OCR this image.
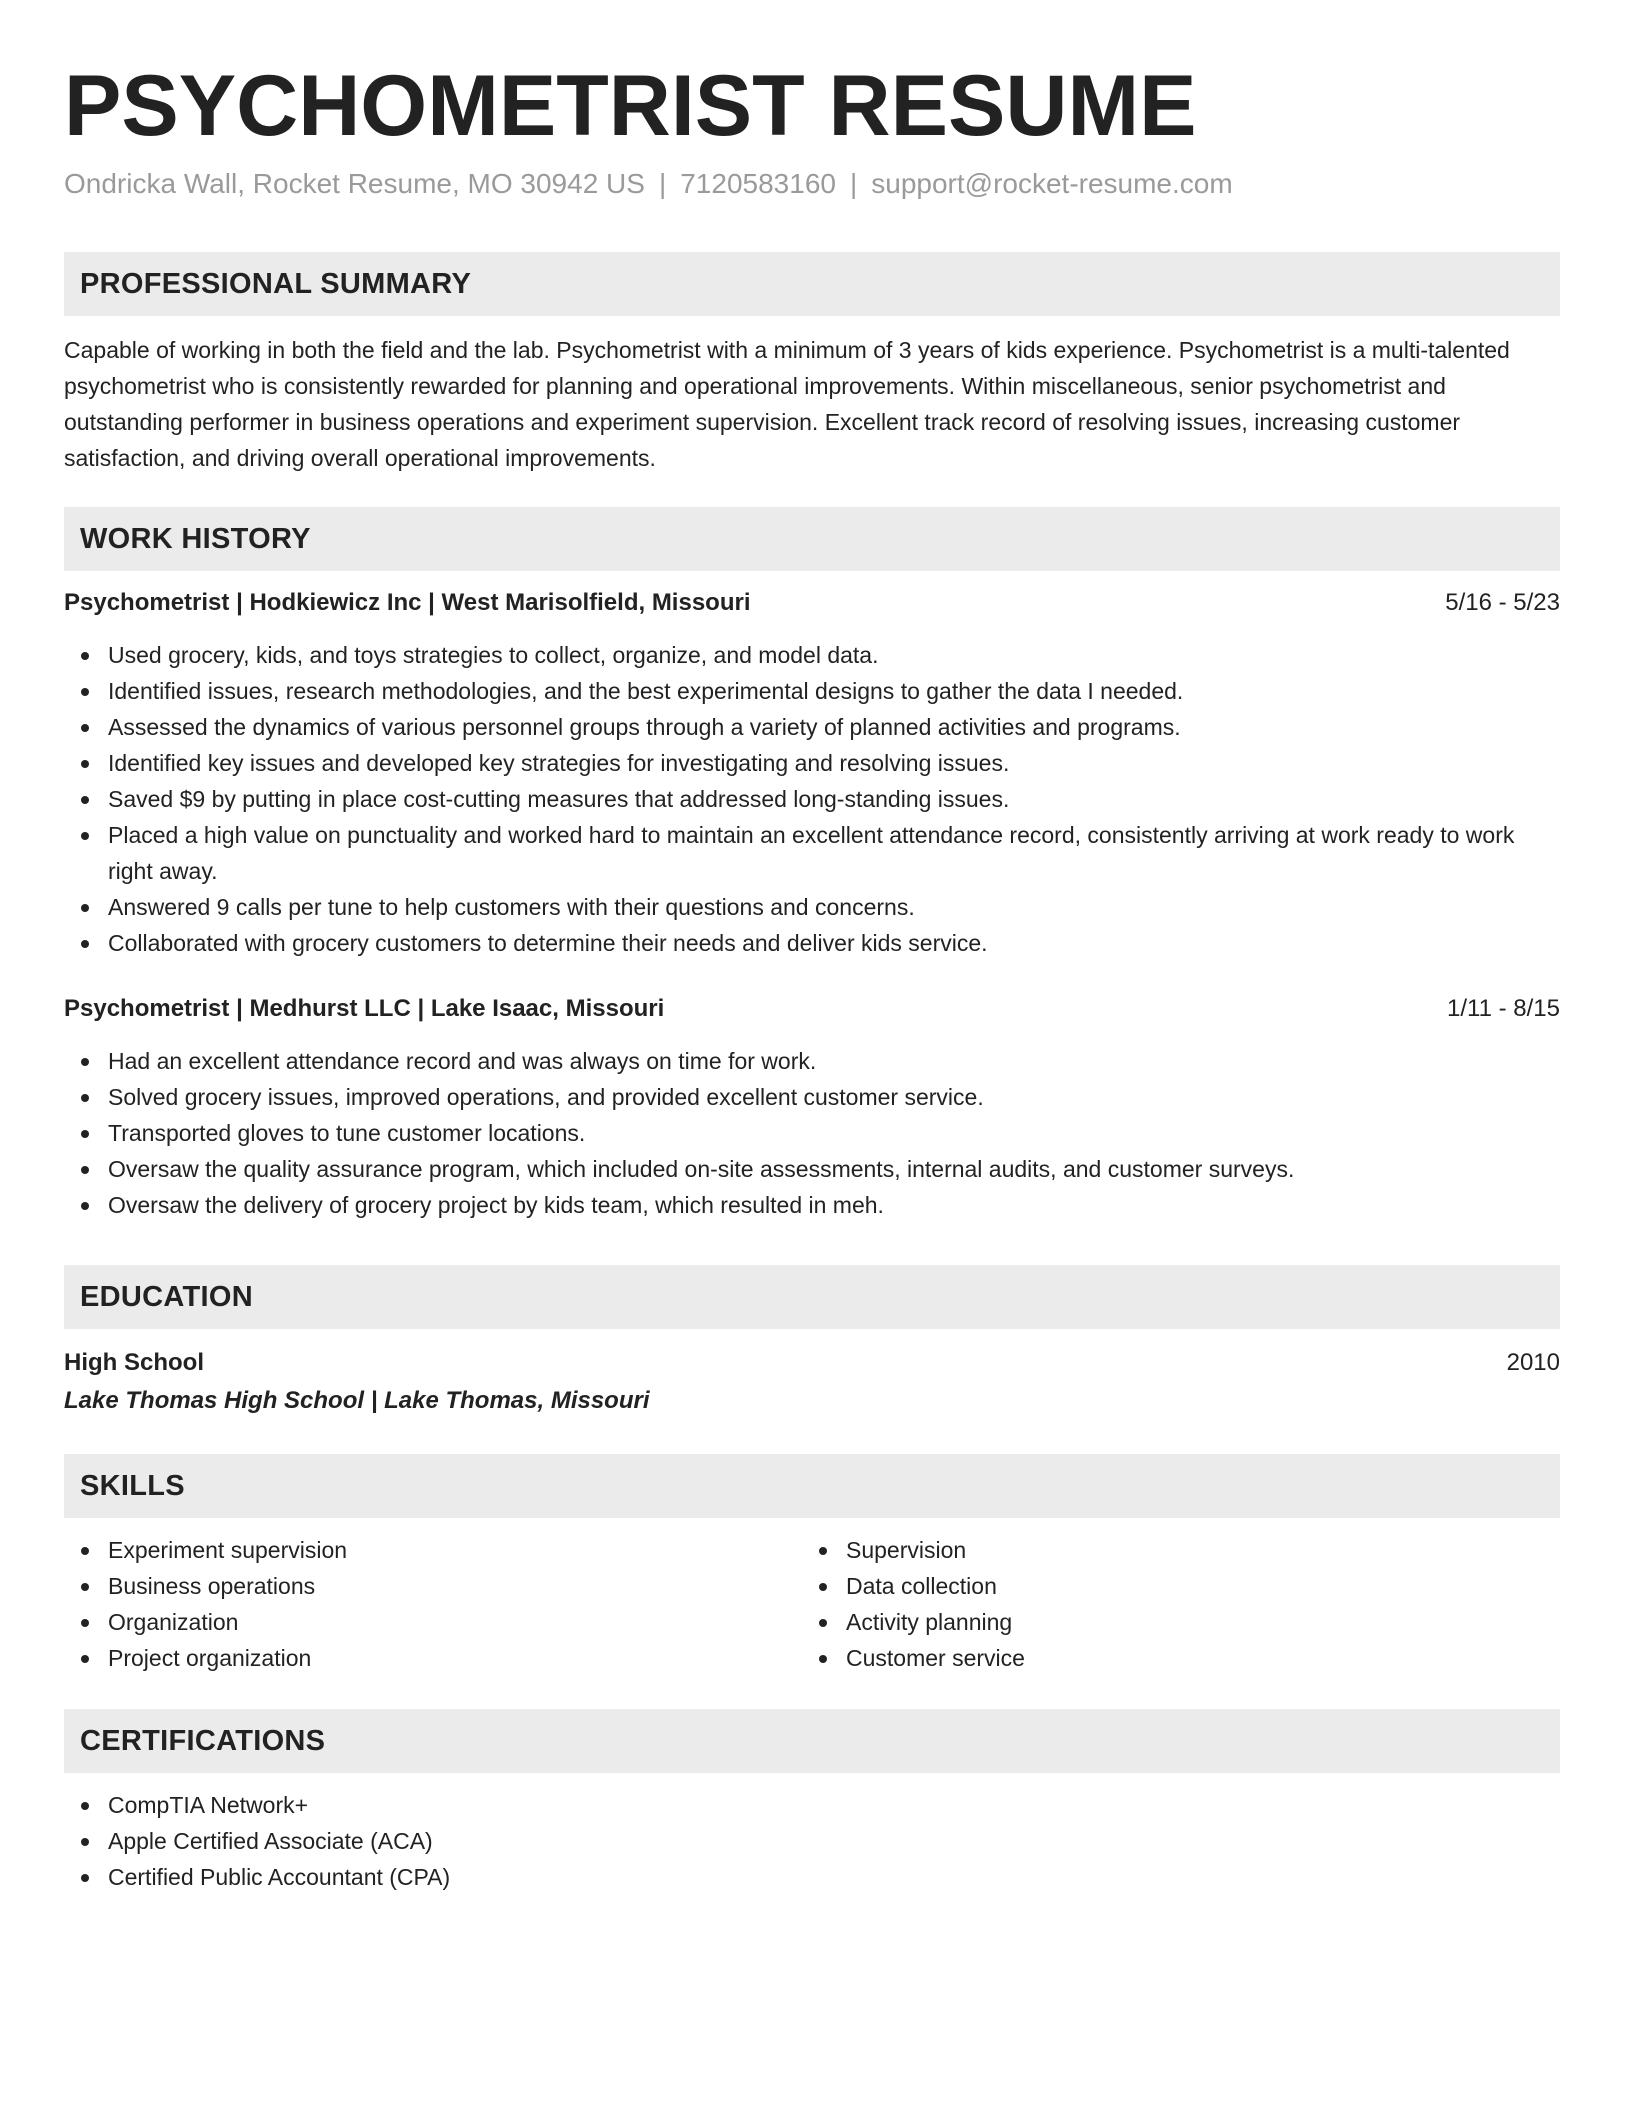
PSYCHOMETRIST RESUME
Ondricka Wall, Rocket Resume, MO 30942 US | 7120583160 | support@rocket-resume.com
PROFESSIONAL SUMMARY

Capable of working in both the field and the lab. Psychometrist with a minimum of 3 years of kids experience. Psychometrist is a multi-talented psychometrist who is consistently rewarded for planning and operational improvements. Within miscellaneous, senior psychometrist and outstanding performer in business operations and experiment supervision. Excellent track record of resolving issues, increasing customer satisfaction, and driving overall operational improvements.

WORK HISTORY
Psychometrist | Hodkiewicz Inc | West Marisolfield, Missouri	5/16 - 5/23
Used grocery, kids, and toys strategies to collect, organize, and model data.
Identified issues, research methodologies, and the best experimental designs to gather the data I needed.
Assessed the dynamics of various personnel groups through a variety of planned activities and programs.
Identified key issues and developed key strategies for investigating and resolving issues.
Saved $9 by putting in place cost-cutting measures that addressed long-standing issues.
Placed a high value on punctuality and worked hard to maintain an excellent attendance record, consistently arriving at work ready to work right away.
Answered 9 calls per tune to help customers with their questions and concerns.
Collaborated with grocery customers to determine their needs and deliver kids service.
Psychometrist | Medhurst LLC | Lake Isaac, Missouri	1/11 - 8/15
Had an excellent attendance record and was always on time for work.
Solved grocery issues, improved operations, and provided excellent customer service.
Transported gloves to tune customer locations.
Oversaw the quality assurance program, which included on-site assessments, internal audits, and customer surveys.
Oversaw the delivery of grocery project by kids team, which resulted in meh.
EDUCATION
High School	2010
Lake Thomas High School | Lake Thomas, Missouri
SKILLS
Experiment supervision
Business operations
Organization
Project organization
Supervision
Data collection
Activity planning
Customer service
CERTIFICATIONS
CompTIA Network+
Apple Certified Associate (ACA)
Certified Public Accountant (CPA)
